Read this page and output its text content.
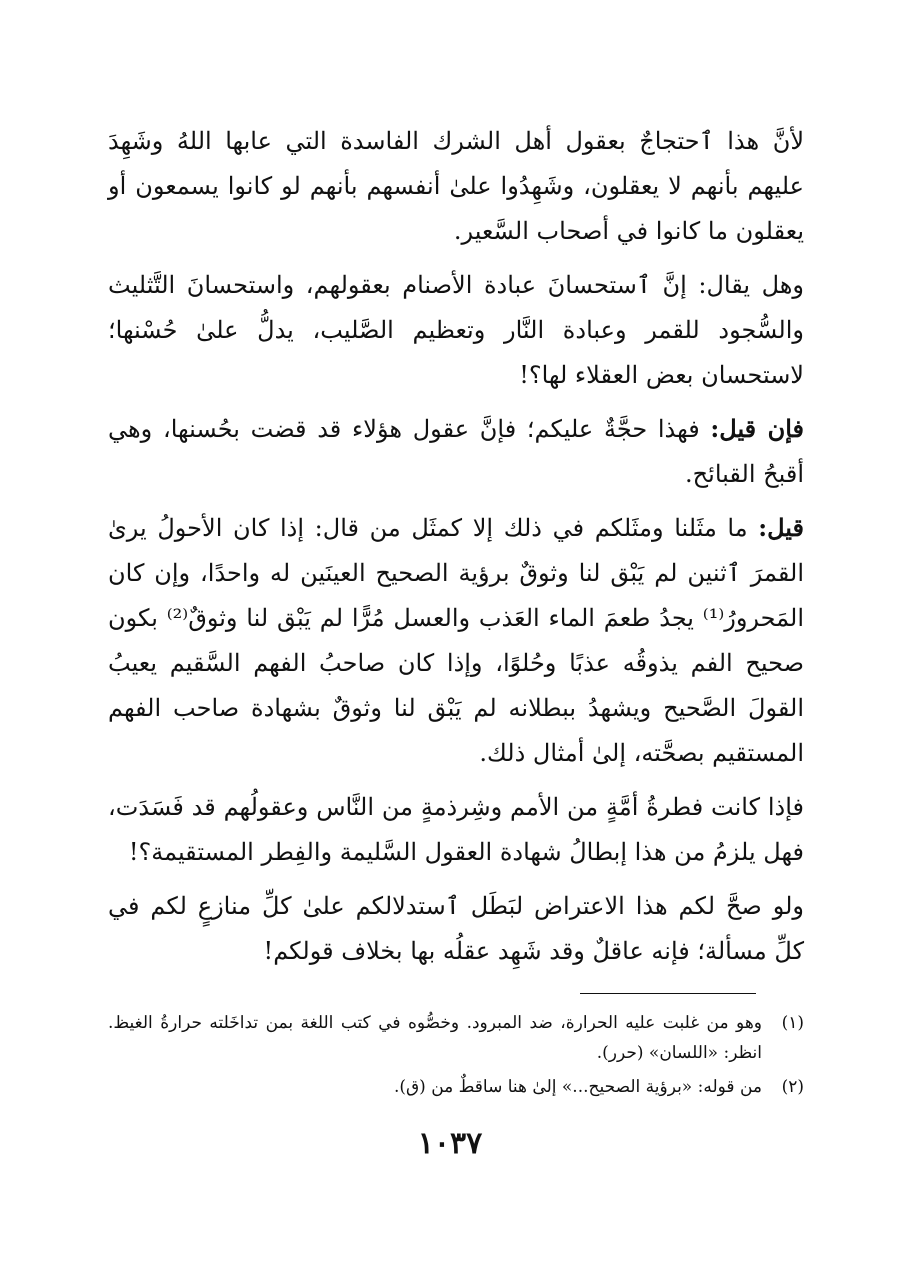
لأنَّ هذا ٱحتجاجٌ بعقول أهل الشرك الفاسدة التي عابها اللهُ وشَهِدَ عليهم بأنهم لا يعقلون، وشَهِدُوا علىٰ أنفسهم بأنهم لو كانوا يسمعون أو يعقلون ما كانوا في أصحاب السَّعير.

وهل يقال: إنَّ ٱستحسانَ عبادة الأصنام بعقولهم، واستحسانَ التَّثليث والسُّجود للقمر وعبادة النَّار وتعظيم الصَّليب، يدلُّ علىٰ حُسْنها؛ لاستحسان بعض العقلاء لها؟!

فإن قيل: فهذا حجَّةٌ عليكم؛ فإنَّ عقول هؤلاء قد قضت بحُسنها، وهي أقبحُ القبائح.

قيل: ما مثَلنا ومثَلكم في ذلك إلا كمثَل من قال: إذا كان الأحولُ يرىٰ القمرَ ٱثنين لم يَبْق لنا وثوقٌ برؤية الصحيح العينَين له واحدًا، وإن كان المَحرورُ⁽¹⁾ يجدُ طعمَ الماء العَذب والعسل مُرًّا لم يَبْق لنا وثوقٌ⁽²⁾ بكون صحيح الفم يذوقُه عذبًا وحُلوًا، وإذا كان صاحبُ الفهم السَّقيم يعيبُ القولَ الصَّحيح ويشهدُ ببطلانه لم يَبْق لنا وثوقٌ بشهادة صاحب الفهم المستقيم بصحَّته، إلىٰ أمثال ذلك.

فإذا كانت فطرةُ أمَّةٍ من الأمم وشِرذمةٍ من النَّاس وعقولُهم قد فَسَدَت، فهل يلزمُ من هذا إبطالُ شهادة العقول السَّليمة والفِطر المستقيمة؟!

ولو صحَّ لكم هذا الاعتراض لبَطَل ٱستدلالكم علىٰ كلِّ منازعٍ لكم في كلِّ مسألة؛ فإنه عاقلٌ وقد شَهِد عقلُه بها بخلاف قولكم!

(١)
وهو من غلبت عليه الحرارة، ضد المبرود. وخصُّوه في كتب اللغة بمن تداخَلته حرارةُ الغيظ. انظر: «اللسان» (حرر).
(٢)
من قوله: «برؤية الصحيح...» إلىٰ هنا ساقطٌ من (ق).
١٠٣٧
